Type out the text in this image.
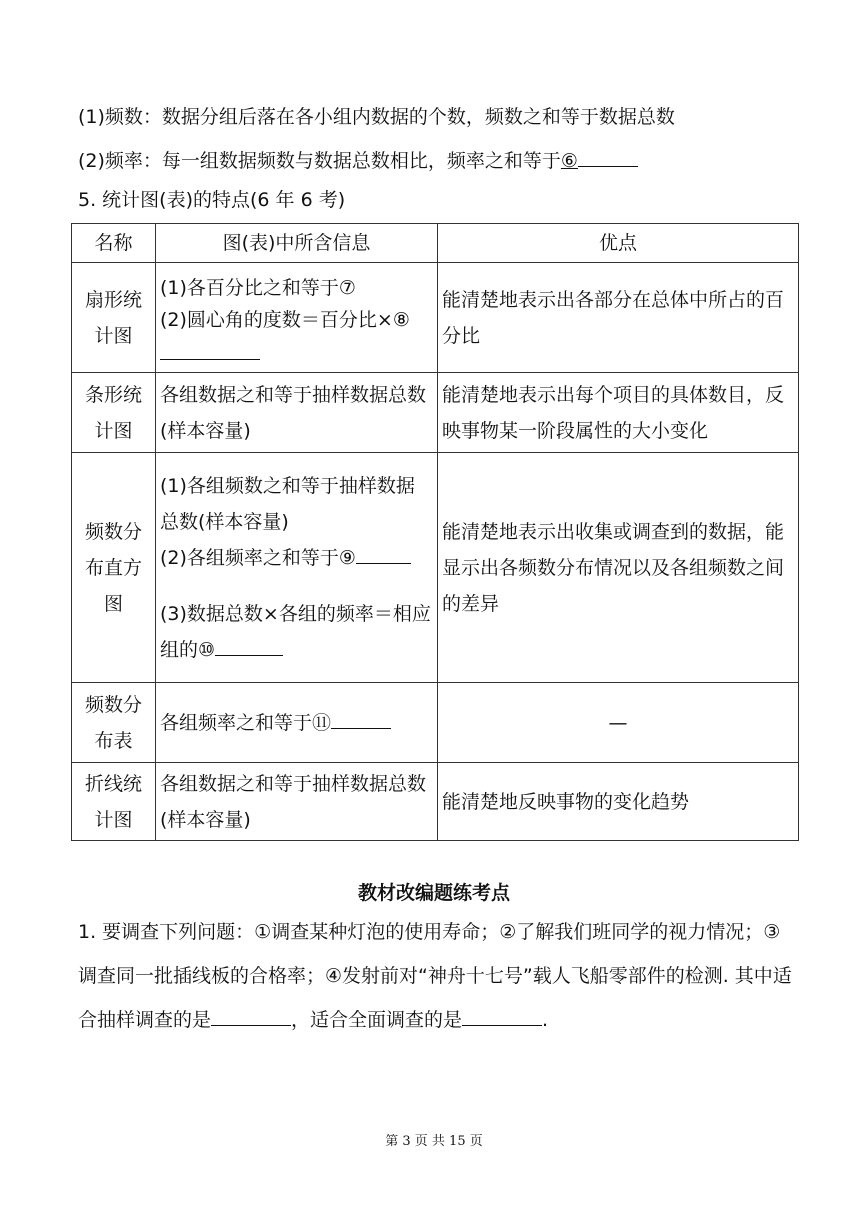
(1)频数：数据分组后落在各小组内数据的个数，频数之和等于数据总数
(2)频率：每一组数据频数与数据总数相比，频率之和等于⑥
5. 统计图(表)的特点(6 年 6 考)
名称	图(表)中所含信息	优点
扇形统计图	(1)各百分比之和等于⑦
(2)圆心角的度数＝百分比×⑧	能清楚地表示出各部分在总体中所占的百分比
条形统计图	各组数据之和等于抽样数据总数(样本容量)	能清楚地表示出每个项目的具体数目，反映事物某一阶段属性的大小变化
频数分布直方图	(1)各组频数之和等于抽样数据总数(样本容量)
(2)各组频率之和等于⑨
(3)数据总数×各组的频率＝相应组的⑩	能清楚地表示出收集或调查到的数据，能显示出各频数分布情况以及各组频数之间的差异
频数分布表	各组频率之和等于⑪	—
折线统计图	各组数据之和等于抽样数据总数(样本容量)	能清楚地反映事物的变化趋势
教材改编题练考点
1. 要调查下列问题：①调查某种灯泡的使用寿命；②了解我们班同学的视力情况；③调查同一批插线板的合格率；④发射前对“神舟十七号”载人飞船零部件的检测. 其中适合抽样调查的是	，适合全面调查的是	.
第 3 页 共 15 页
